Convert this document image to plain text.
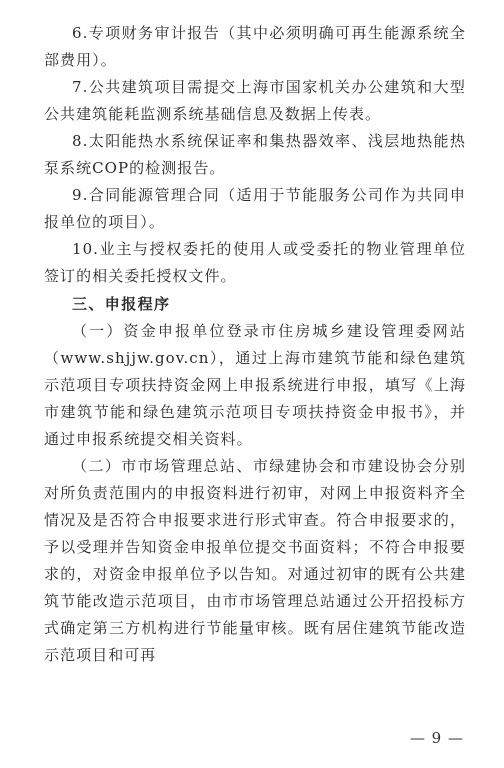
6.专项财务审计报告（其中必须明确可再生能源系统全部费用）。

7.公共建筑项目需提交上海市国家机关办公建筑和大型公共建筑能耗监测系统基础信息及数据上传表。

8.太阳能热水系统保证率和集热器效率、浅层地热能热泵系统COP的检测报告。

9.合同能源管理合同（适用于节能服务公司作为共同申报单位的项目）。

10.业主与授权委托的使用人或受委托的物业管理单位签订的相关委托授权文件。

三、申报程序

（一）资金申报单位登录市住房城乡建设管理委网站（www.shjjw.gov.cn），通过上海市建筑节能和绿色建筑示范项目专项扶持资金网上申报系统进行申报，填写《上海市建筑节能和绿色建筑示范项目专项扶持资金申报书》，并通过申报系统提交相关资料。

（二）市市场管理总站、市绿建协会和市建设协会分别对所负责范围内的申报资料进行初审，对网上申报资料齐全情况及是否符合申报要求进行形式审查。符合申报要求的，予以受理并告知资金申报单位提交书面资料；不符合申报要求的，对资金申报单位予以告知。对通过初审的既有公共建筑节能改造示范项目，由市市场管理总站通过公开招投标方式确定第三方机构进行节能量审核。既有居住建筑节能改造示范项目和可再

— 9 —
